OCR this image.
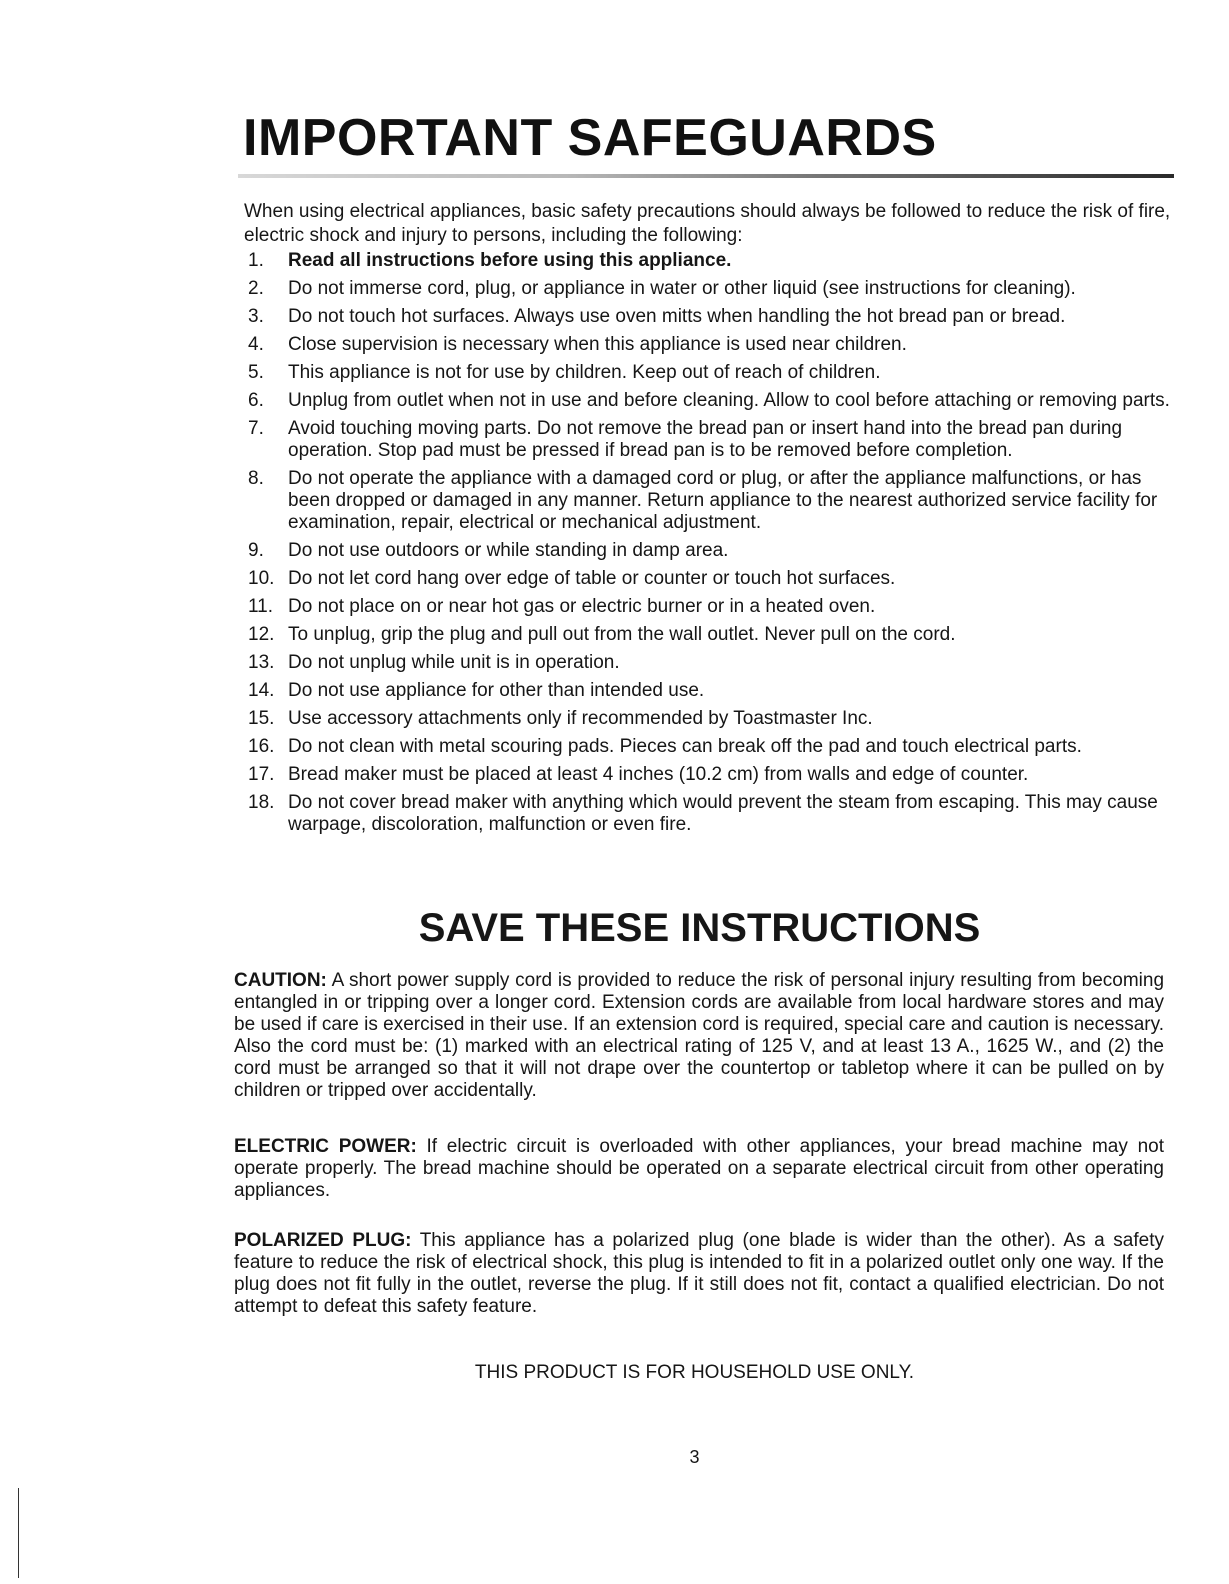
IMPORTANT SAFEGUARDS

When using electrical appliances, basic safety precautions should always be followed to reduce the risk of fire, electric shock and injury to persons, including the following:

1.	Read all instructions before using this appliance.
2.	Do not immerse cord, plug, or appliance in water or other liquid (see instructions for cleaning).
3.	Do not touch hot surfaces. Always use oven mitts when handling the hot bread pan or bread.
4.	Close supervision is necessary when this appliance is used near children.
5.	This appliance is not for use by children. Keep out of reach of children.
6.	Unplug from outlet when not in use and before cleaning. Allow to cool before attaching or removing parts.
7.	Avoid touching moving parts. Do not remove the bread pan or insert hand into the bread pan during operation. Stop pad must be pressed if bread pan is to be removed before completion.
8.	Do not operate the appliance with a damaged cord or plug, or after the appliance malfunctions, or has been dropped or damaged in any manner. Return appliance to the nearest authorized service facility for examination, repair, electrical or mechanical adjustment.
9.	Do not use outdoors or while standing in damp area.
10. Do not let cord hang over edge of table or counter or touch hot surfaces.
11. Do not place on or near hot gas or electric burner or in a heated oven.
12. To unplug, grip the plug and pull out from the wall outlet. Never pull on the cord.
13. Do not unplug while unit is in operation.
14. Do not use appliance for other than intended use.
15. Use accessory attachments only if recommended by Toastmaster Inc.
16. Do not clean with metal scouring pads. Pieces can break off the pad and touch electrical parts.
17. Bread maker must be placed at least 4 inches (10.2 cm) from walls and edge of counter.
18. Do not cover bread maker with anything which would prevent the steam from escaping. This may cause warpage, discoloration, malfunction or even fire.
SAVE THESE INSTRUCTIONS

CAUTION: A short power supply cord is provided to reduce the risk of personal injury resulting from becoming entangled in or tripping over a longer cord. Extension cords are available from local hardware stores and may be used if care is exercised in their use. If an extension cord is required, special care and caution is necessary. Also the cord must be: (1) marked with an electrical rating of 125 V, and at least 13 A., 1625 W., and (2) the cord must be arranged so that it will not drape over the countertop or tabletop where it can be pulled on by children or tripped over accidentally.

ELECTRIC POWER: If electric circuit is overloaded with other appliances, your bread machine may not operate properly. The bread machine should be operated on a separate electrical circuit from other operating appliances.

POLARIZED PLUG: This appliance has a polarized plug (one blade is wider than the other). As a safety feature to reduce the risk of electrical shock, this plug is intended to fit in a polarized outlet only one way. If the plug does not fit fully in the outlet, reverse the plug. If it still does not fit, contact a qualified electrician. Do not attempt to defeat this safety feature.

THIS PRODUCT IS FOR HOUSEHOLD USE ONLY.

3
